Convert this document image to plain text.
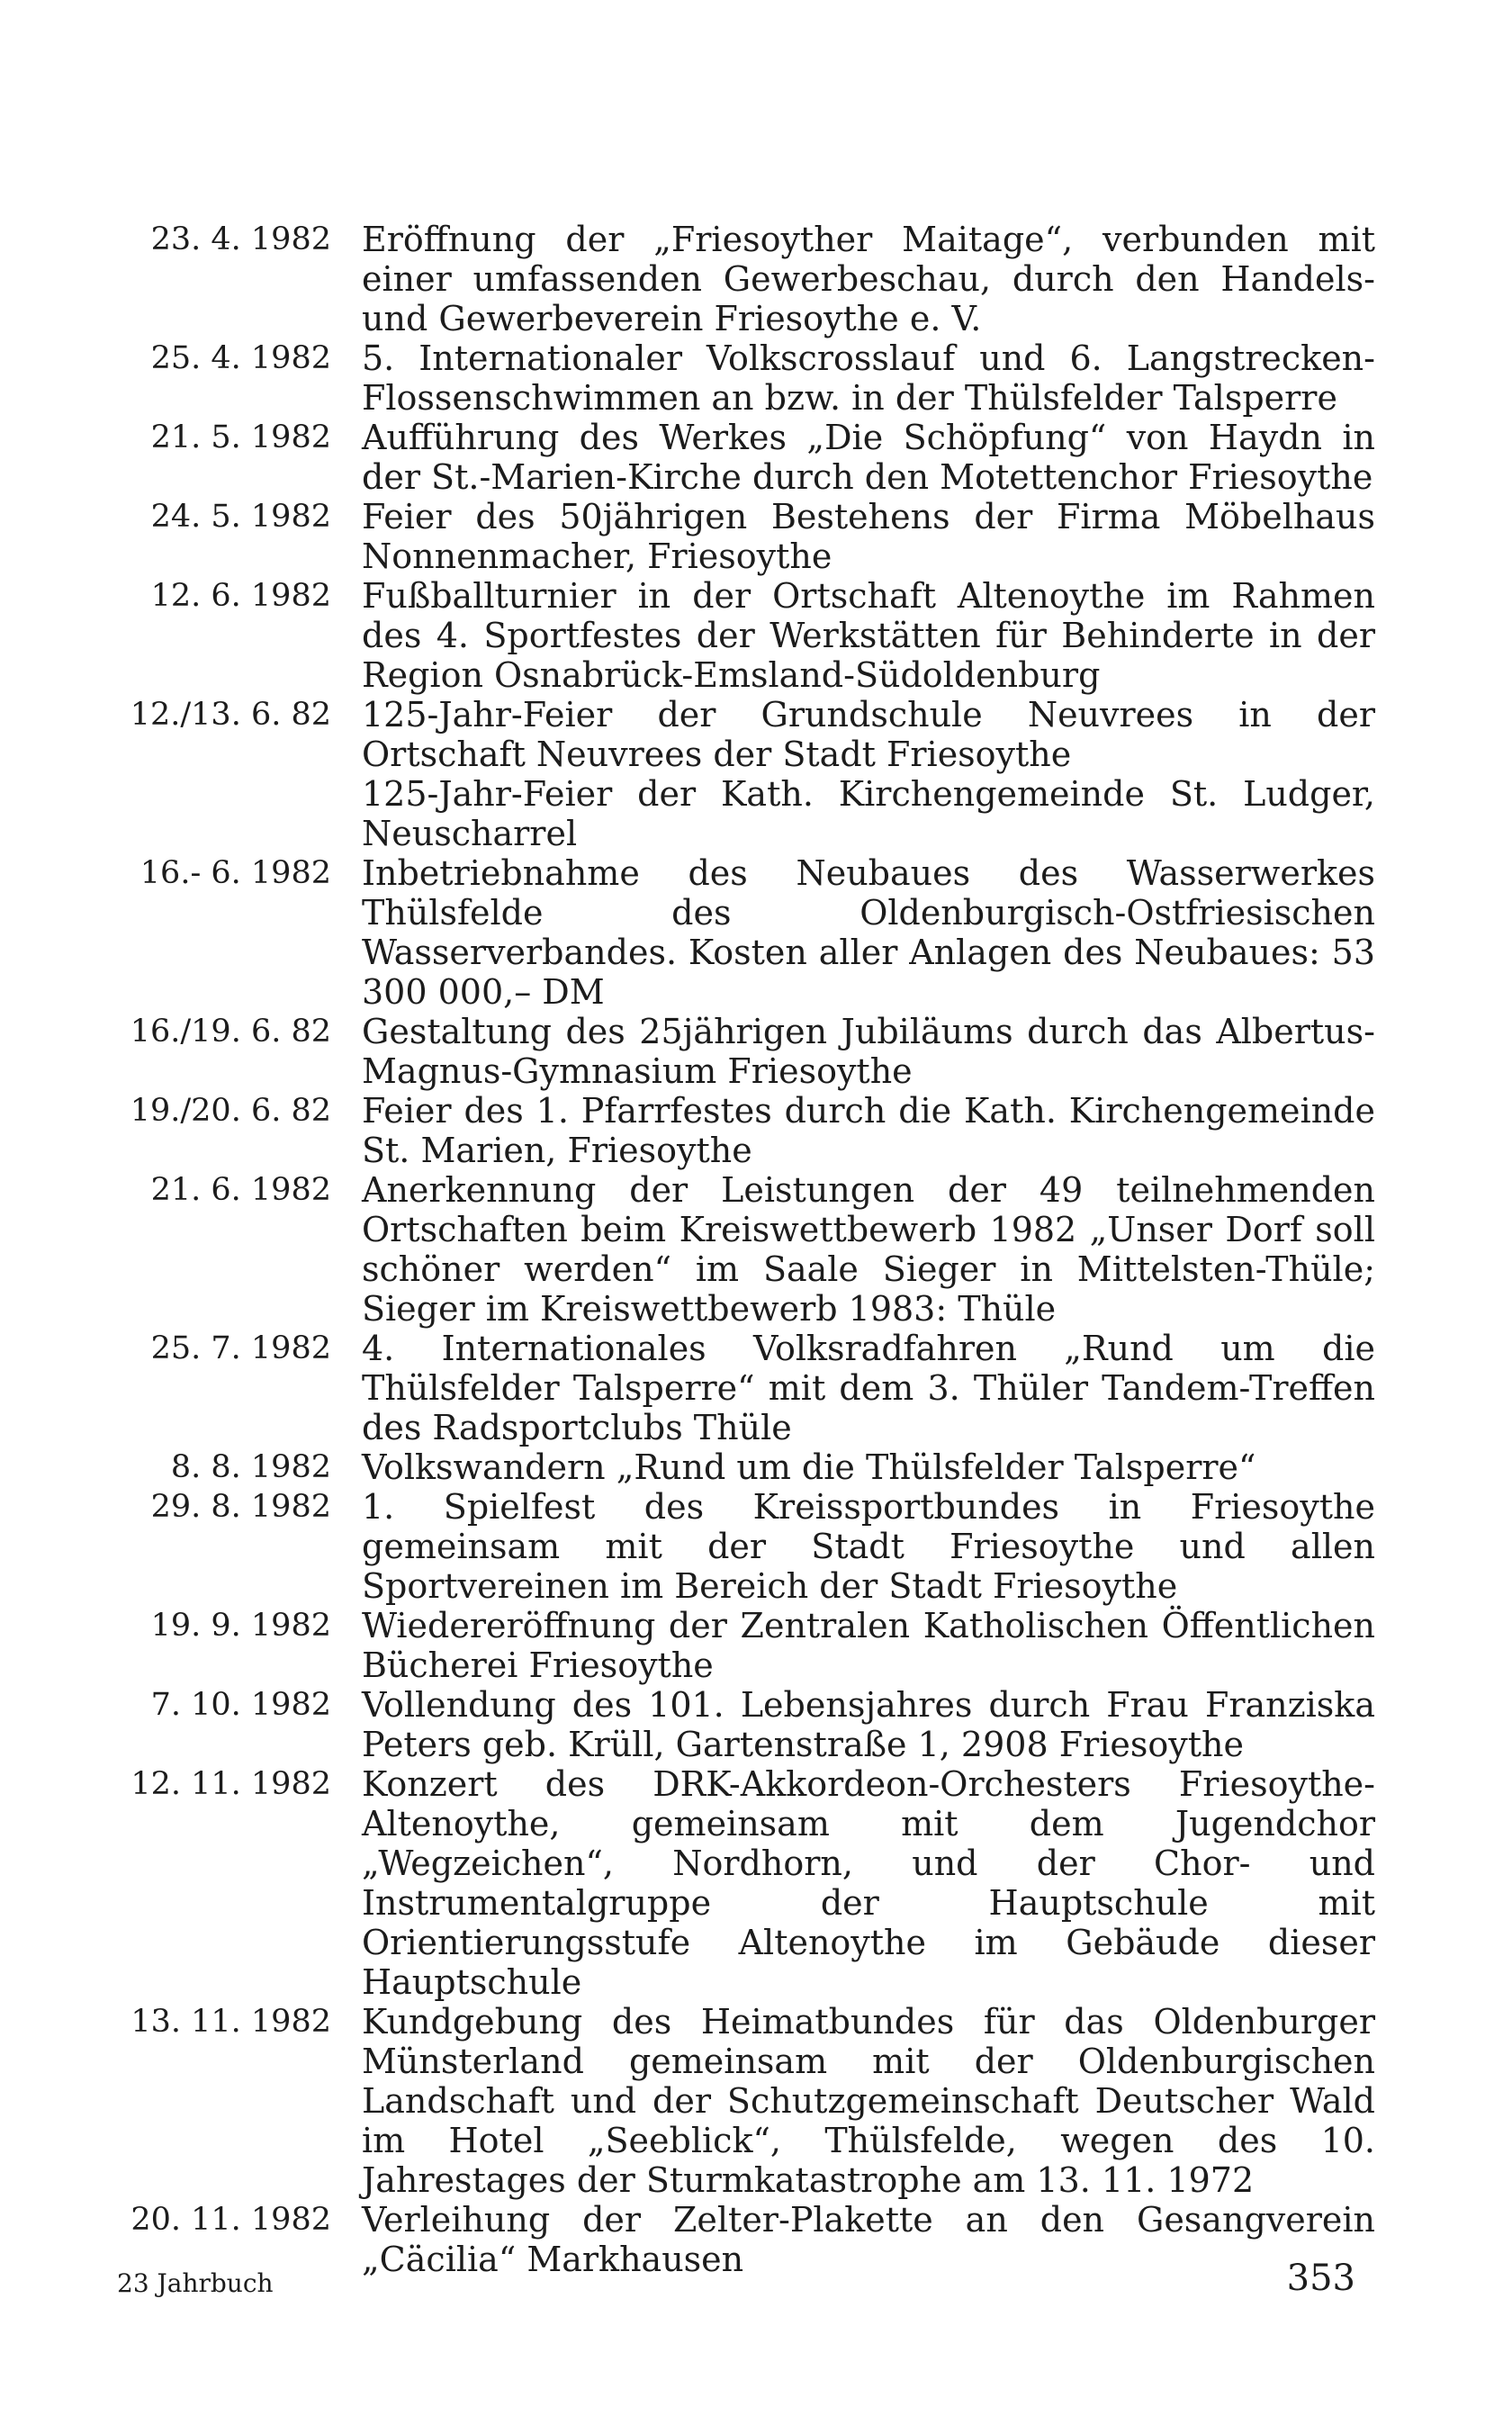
23. 4. 1982 Eröffnung der „Friesoyther Maitage“, verbunden mit einer umfassenden Gewerbeschau, durch den Handels- und Gewerbeverein Friesoythe e. V.
25. 4. 1982 5. Internationaler Volkscrosslauf und 6. Langstrecken-Flossenschwimmen an bzw. in der Thülsfelder Talsperre
21. 5. 1982 Aufführung des Werkes „Die Schöpfung“ von Haydn in der St.-Marien-Kirche durch den Motettenchor Friesoythe
24. 5. 1982 Feier des 50jährigen Bestehens der Firma Möbelhaus Nonnenmacher, Friesoythe
12. 6. 1982 Fußballturnier in der Ortschaft Altenoythe im Rahmen des 4. Sportfestes der Werkstätten für Behinderte in der Region Osnabrück-Emsland-Südoldenburg
12./13. 6. 82 125-Jahr-Feier der Grundschule Neuvrees in der Ortschaft Neuvrees der Stadt Friesoythe
125-Jahr-Feier der Kath. Kirchengemeinde St. Ludger, Neuscharrel
16.- 6. 1982 Inbetriebnahme des Neubaues des Wasserwerkes Thülsfelde des Oldenburgisch-Ostfriesischen Wasserverbandes. Kosten aller Anlagen des Neubaues: 53 300 000,– DM
16./19. 6. 82 Gestaltung des 25jährigen Jubiläums durch das Albertus-Magnus-Gymnasium Friesoythe
19./20. 6. 82 Feier des 1. Pfarrfestes durch die Kath. Kirchengemeinde St. Marien, Friesoythe
21. 6. 1982 Anerkennung der Leistungen der 49 teilnehmenden Ortschaften beim Kreiswettbewerb 1982 „Unser Dorf soll schöner werden“ im Saale Sieger in Mittelsten-Thüle; Sieger im Kreiswettbewerb 1983: Thüle
25. 7. 1982 4. Internationales Volksradfahren „Rund um die Thülsfelder Talsperre“ mit dem 3. Thüler Tandem-Treffen des Radsportclubs Thüle
8. 8. 1982 Volkswandern „Rund um die Thülsfelder Talsperre“
29. 8. 1982 1. Spielfest des Kreissportbundes in Friesoythe gemeinsam mit der Stadt Friesoythe und allen Sportvereinen im Bereich der Stadt Friesoythe
19. 9. 1982 Wiedereröffnung der Zentralen Katholischen Öffentlichen Bücherei Friesoythe
7. 10. 1982 Vollendung des 101. Lebensjahres durch Frau Franziska Peters geb. Krüll, Gartenstraße 1, 2908 Friesoythe
12. 11. 1982 Konzert des DRK-Akkordeon-Orchesters Friesoythe-Altenoythe, gemeinsam mit dem Jugendchor „Wegzeichen“, Nordhorn, und der Chor- und Instrumentalgruppe der Hauptschule mit Orientierungsstufe Altenoythe im Gebäude dieser Hauptschule
13. 11. 1982 Kundgebung des Heimatbundes für das Oldenburger Münsterland gemeinsam mit der Oldenburgischen Landschaft und der Schutzgemeinschaft Deutscher Wald im Hotel „Seeblick“, Thülsfelde, wegen des 10. Jahrestages der Sturmkatastrophe am 13. 11. 1972
20. 11. 1982 Verleihung der Zelter-Plakette an den Gesangverein „Cäcilia“ Markhausen
23 Jahrbuch	353
